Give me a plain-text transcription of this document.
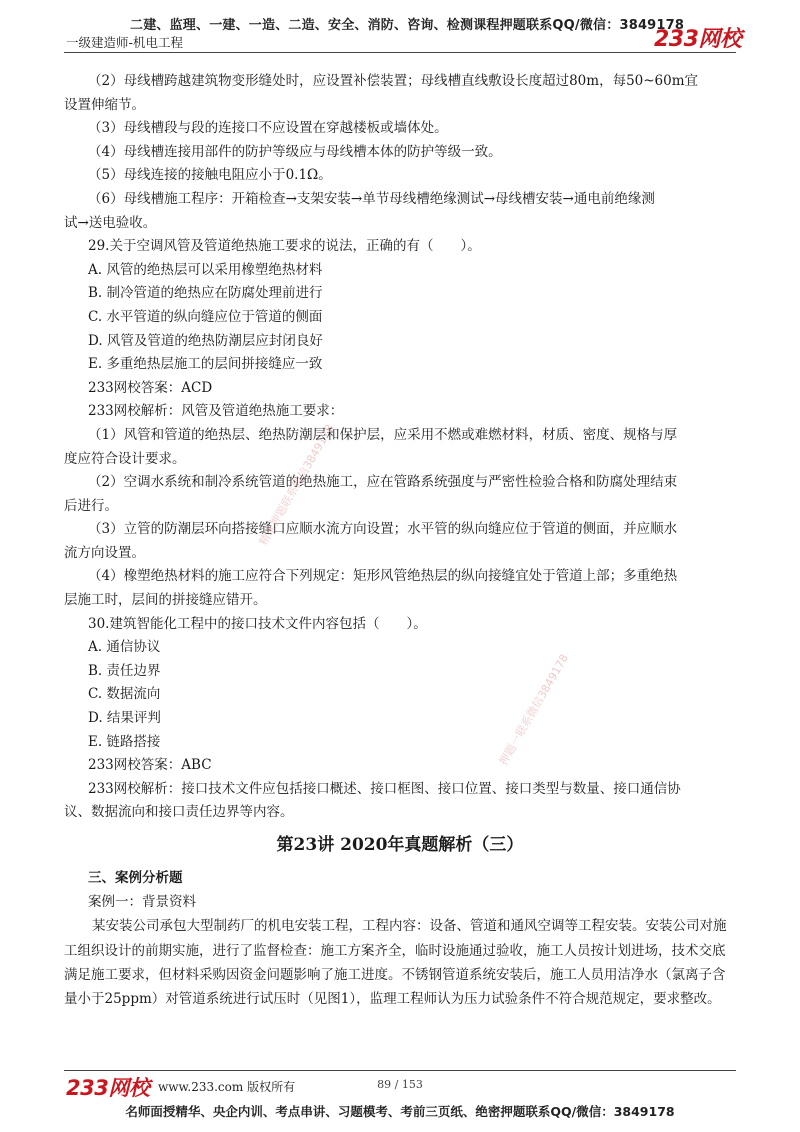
二建、监理、一建、一造、二造、安全、消防、咨询、检测课程押题联系QQ/微信：3849178
一级建造师-机电工程	233网校

（2）母线槽跨越建筑物变形缝处时，应设置补偿装置；母线槽直线敷设长度超过80m，每50~60m宜

设置伸缩节。

（3）母线槽段与段的连接口不应设置在穿越楼板或墙体处。

（4）母线槽连接用部件的防护等级应与母线槽本体的防护等级一致。

（5）母线连接的接触电阻应小于0.1Ω。

（6）母线槽施工程序：开箱检查→支架安装→单节母线槽绝缘测试→母线槽安装→通电前绝缘测

试→送电验收。

29.关于空调风管及管道绝热施工要求的说法，正确的有（　　）。

A. 风管的绝热层可以采用橡塑绝热材料

B. 制冷管道的绝热应在防腐处理前进行

C. 水平管道的纵向缝应位于管道的侧面

D. 风管及管道的绝热防潮层应封闭良好

E. 多重绝热层施工的层间拼接缝应一致

233网校答案：ACD

233网校解析：风管及管道绝热施工要求：

（1）风管和管道的绝热层、绝热防潮层和保护层，应采用不燃或难燃材料，材质、密度、规格与厚

度应符合设计要求。

（2）空调水系统和制冷系统管道的绝热施工，应在管路系统强度与严密性检验合格和防腐处理结束

后进行。

（3）立管的防潮层环向搭接缝口应顺水流方向设置；水平管的纵向缝应位于管道的侧面，并应顺水

流方向设置。

（4）橡塑绝热材料的施工应符合下列规定：矩形风管绝热层的纵向接缝宜处于管道上部；多重绝热

层施工时，层间的拼接缝应错开。

30.建筑智能化工程中的接口技术文件内容包括（　　）。

A. 通信协议

B. 责任边界

C. 数据流向

D. 结果评判

E. 链路搭接

233网校答案：ABC

233网校解析：接口技术文件应包括接口概述、接口框图、接口位置、接口类型与数量、接口通信协

议、数据流向和接口责任边界等内容。

第23讲 2020年真题解析（三）

三、案例分析题

案例一：背景资料

某安装公司承包大型制药厂的机电安装工程，工程内容：设备、管道和通风空调等工程安装。安装公司对施工组织设计的前期实施，进行了监督检查：施工方案齐全，临时设施通过验收，施工人员按计划进场，技术交底满足施工要求，但材料采购因资金问题影响了施工进度。不锈钢管道系统安装后，施工人员用洁净水（氯离子含量小于25ppm）对管道系统进行试压时（见图1），监理工程师认为压力试验条件不符合规范规定，要求整改。

精准押题联系微信3849178
押题一联系微信3849178
233网校 www.233.com 版权所有	89 / 153
名师面授精华、央企内训、考点串讲、习题模考、考前三页纸、绝密押题联系QQ/微信：3849178
